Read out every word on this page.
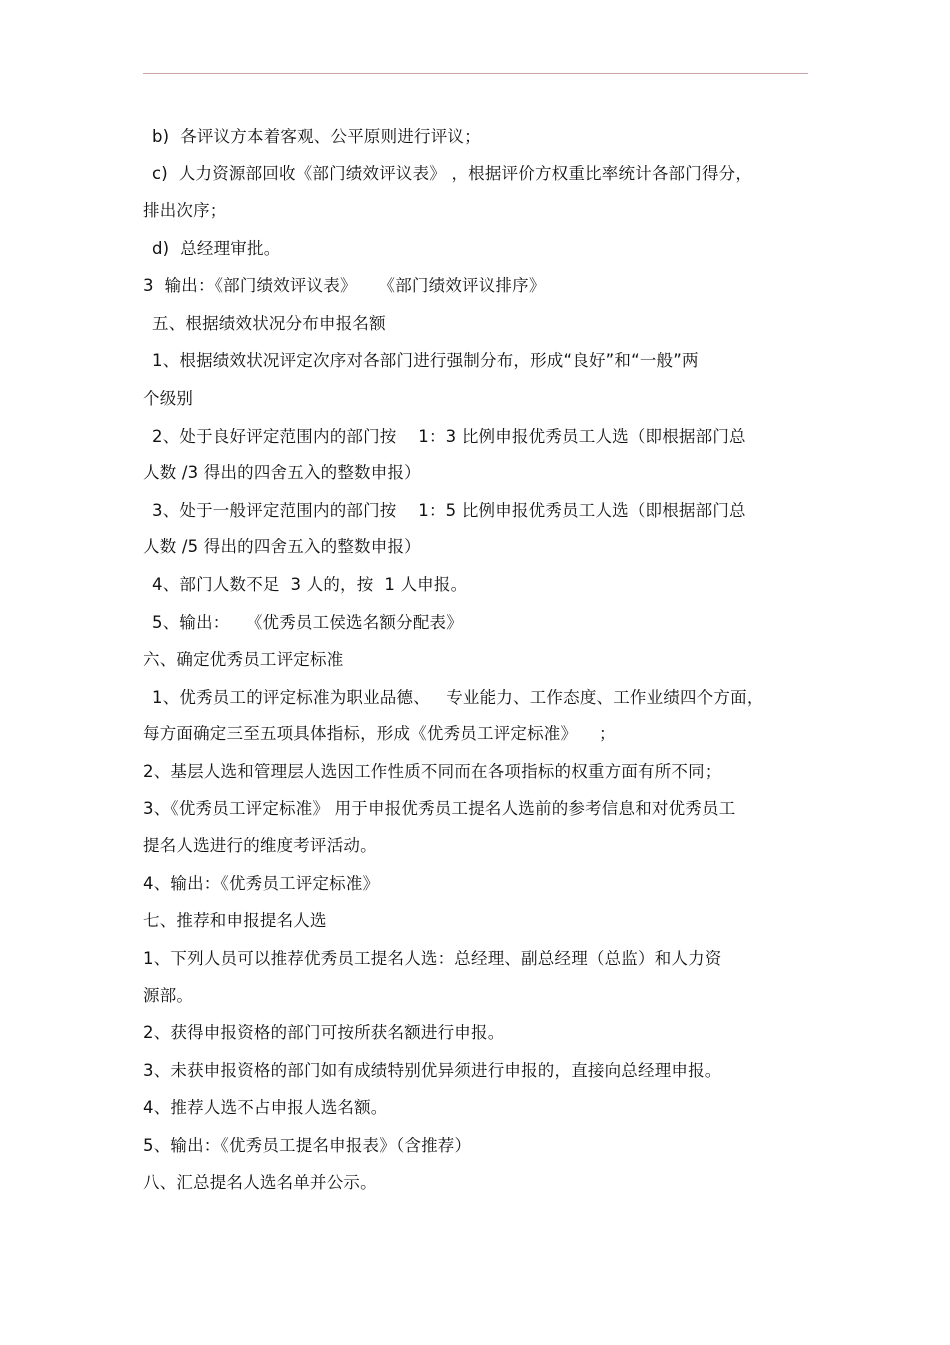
b)  各评议方本着客观、公平原则进行评议；

c)  人力资源部回收《部门绩效评议表》 ，根据评价方权重比率统计各部门得分，

排出次序；

d)  总经理审批。

3  输出：《部门绩效评议表》    《部门绩效评议排序》

五、根据绩效状况分布申报名额

1、根据绩效状况评定次序对各部门进行强制分布，形成“良好”和“一般”两

个级别

2、处于良好评定范围内的部门按    1：3 比例申报优秀员工人选（即根据部门总

人数 /3 得出的四舍五入的整数申报）

3、处于一般评定范围内的部门按    1：5 比例申报优秀员工人选（即根据部门总

人数 /5 得出的四舍五入的整数申报）

4、部门人数不足  3 人的，按  1 人申报。

5、输出：   《优秀员工侯选名额分配表》

六、确定优秀员工评定标准

1、优秀员工的评定标准为职业品德、   专业能力、工作态度、工作业绩四个方面，

每方面确定三至五项具体指标，形成《优秀员工评定标准》    ；

2、基层人选和管理层人选因工作性质不同而在各项指标的权重方面有所不同；

3、《优秀员工评定标准》 用于申报优秀员工提名人选前的参考信息和对优秀员工

提名人选进行的维度考评活动。

4、输出：《优秀员工评定标准》

七、推荐和申报提名人选

1、下列人员可以推荐优秀员工提名人选：总经理、副总经理（总监）和人力资

源部。

2、获得申报资格的部门可按所获名额进行申报。

3、未获申报资格的部门如有成绩特别优异须进行申报的，直接向总经理申报。

4、推荐人选不占申报人选名额。

5、输出：《优秀员工提名申报表》（含推荐）

八、汇总提名人选名单并公示。
